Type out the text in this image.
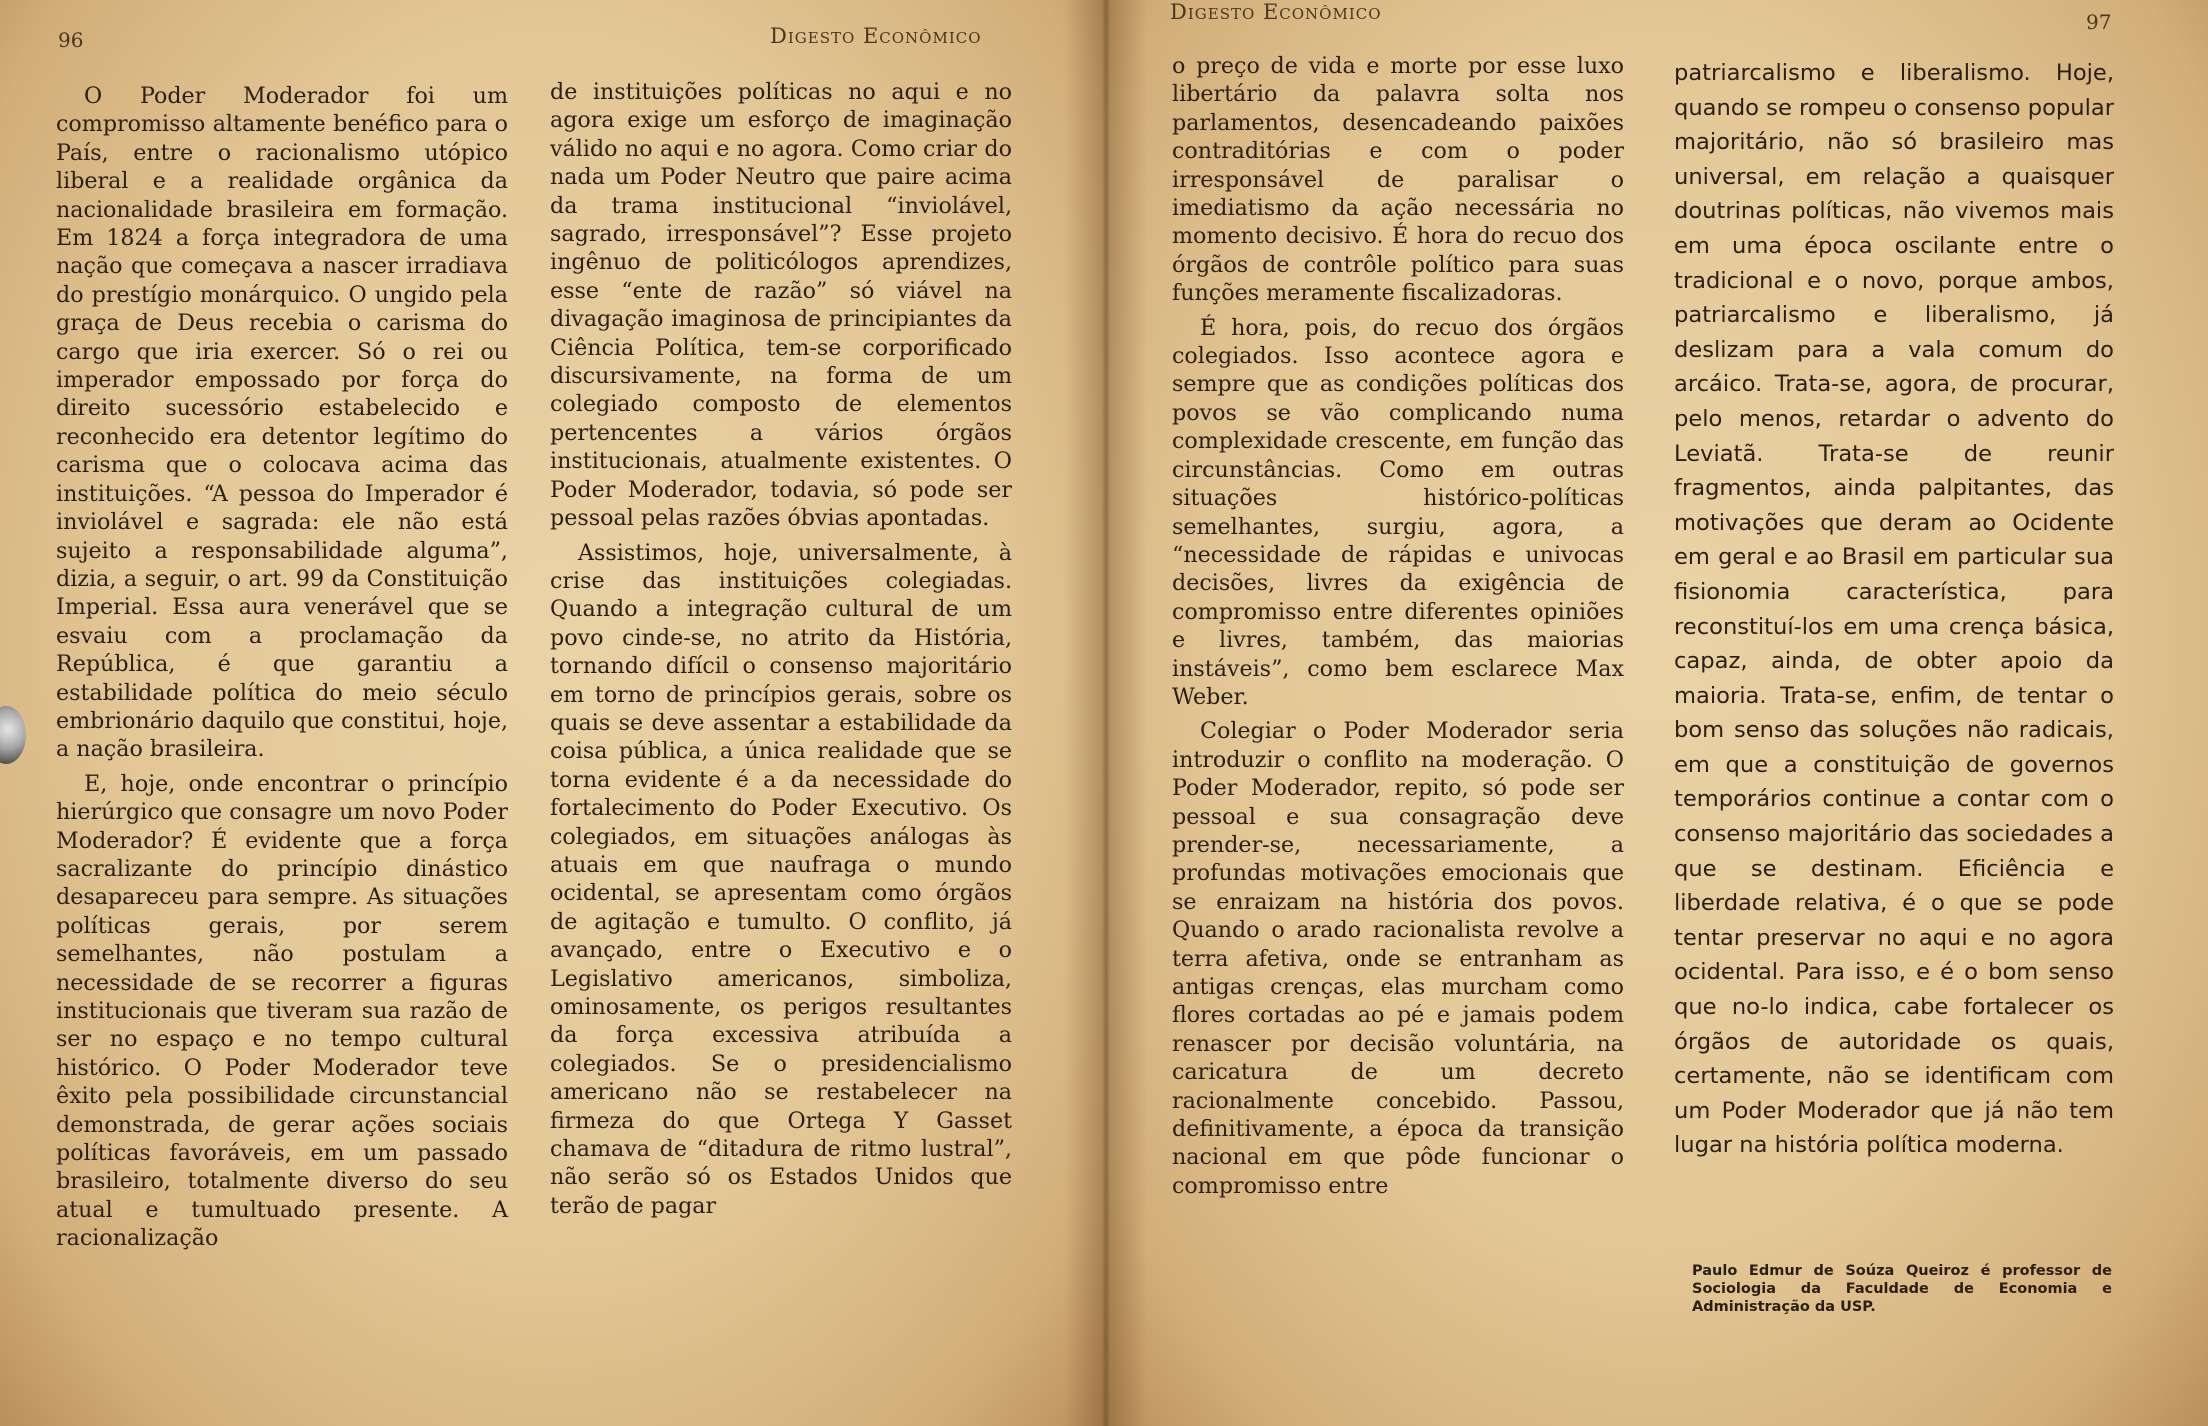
96	Digesto Econômico

O Poder Moderador foi um compromisso altamente benéfico para o País, entre o racionalismo utópico liberal e a realidade orgânica da nacionalidade brasileira em formação. Em 1824 a força integradora de uma nação que começava a nascer irradiava do prestígio monárquico. O ungido pela graça de Deus recebia o carisma do cargo que iria exercer. Só o rei ou imperador empossado por força do direito sucessório estabelecido e reconhecido era detentor legítimo do carisma que o colocava acima das instituições. “A pessoa do Imperador é inviolável e sagrada: ele não está sujeito a responsabilidade alguma”, dizia, a seguir, o art. 99 da Constituição Imperial. Essa aura venerável que se esvaiu com a proclamação da República, é que garantiu a estabilidade política do meio século embrionário daquilo que constitui, hoje, a nação brasileira.

E, hoje, onde encontrar o princípio hierúrgico que consagre um novo Poder Moderador? É evidente que a força sacralizante do princípio dinástico desapareceu para sempre. As situações políticas gerais, por serem semelhantes, não postulam a necessidade de se recorrer a figuras institucionais que tiveram sua razão de ser no espaço e no tempo cultural histórico. O Poder Moderador teve êxito pela possibilidade circunstancial demonstrada, de gerar ações sociais políticas favoráveis, em um passado brasileiro, totalmente diverso do seu atual e tumultuado presente. A racionalização

de instituições políticas no aqui e no agora exige um esforço de imaginação válido no aqui e no agora. Como criar do nada um Poder Neutro que paire acima da trama institucional “inviolável, sagrado, irresponsável”? Esse projeto ingênuo de politicólogos aprendizes, esse “ente de razão” só viável na divagação imaginosa de principiantes da Ciência Política, tem-se corporificado discursivamente, na forma de um colegiado composto de elementos pertencentes a vários órgãos institucionais, atualmente existentes. O Poder Moderador, todavia, só pode ser pessoal pelas razões óbvias apontadas.

Assistimos, hoje, universalmente, à crise das instituições colegiadas. Quando a integração cultural de um povo cinde-se, no atrito da História, tornando difícil o consenso majoritário em torno de princípios gerais, sobre os quais se deve assentar a estabilidade da coisa pública, a única realidade que se torna evidente é a da necessidade do fortalecimento do Poder Executivo. Os colegiados, em situações análogas às atuais em que naufraga o mundo ocidental, se apresentam como órgãos de agitação e tumulto. O conflito, já avançado, entre o Executivo e o Legislativo americanos, simboliza, ominosamente, os perigos resultantes da força excessiva atribuída a colegiados. Se o presidencialismo americano não se restabelecer na firmeza do que Ortega Y Gasset chamava de “ditadura de ritmo lustral”, não serão só os Estados Unidos que terão de pagar

Digesto Econômico	97

o preço de vida e morte por esse luxo libertário da palavra solta nos parlamentos, desencadeando paixões contraditórias e com o poder irresponsável de paralisar o imediatismo da ação necessária no momento decisivo. É hora do recuo dos órgãos de contrôle político para suas funções meramente fiscalizadoras.

É hora, pois, do recuo dos órgãos colegiados. Isso acontece agora e sempre que as condições políticas dos povos se vão complicando numa complexidade crescente, em função das circunstâncias. Como em outras situações histórico-políticas semelhantes, surgiu, agora, a “necessidade de rápidas e univocas decisões, livres da exigência de compromisso entre diferentes opiniões e livres, também, das maiorias instáveis”, como bem esclarece Max Weber.

Colegiar o Poder Moderador seria introduzir o conflito na moderação. O Poder Moderador, repito, só pode ser pessoal e sua consagração deve prender-se, necessariamente, a profundas motivações emocionais que se enraizam na história dos povos. Quando o arado racionalista revolve a terra afetiva, onde se entranham as antigas crenças, elas murcham como flores cortadas ao pé e jamais podem renascer por decisão voluntária, na caricatura de um decreto racionalmente concebido. Passou, definitivamente, a época da transição nacional em que pôde funcionar o compromisso entre

patriarcalismo e liberalismo. Hoje, quando se rompeu o consenso popular majoritário, não só brasileiro mas universal, em relação a quaisquer doutrinas políticas, não vivemos mais em uma época oscilante entre o tradicional e o novo, porque ambos, patriarcalismo e liberalismo, já deslizam para a vala comum do arcáico. Trata-se, agora, de procurar, pelo menos, retardar o advento do Leviatã. Trata-se de reunir fragmentos, ainda palpitantes, das motivações que deram ao Ocidente em geral e ao Brasil em particular sua fisionomia característica, para reconstituí-los em uma crença básica, capaz, ainda, de obter apoio da maioria. Trata-se, enfim, de tentar o bom senso das soluções não radicais, em que a constituição de governos temporários continue a contar com o consenso majoritário das sociedades a que se destinam. Eficiência e liberdade relativa, é o que se pode tentar preservar no aqui e no agora ocidental. Para isso, e é o bom senso que no-lo indica, cabe fortalecer os órgãos de autoridade os quais, certamente, não se identificam com um Poder Moderador que já não tem lugar na história política moderna.

Paulo Edmur de Soúza Queiroz é professor de Sociologia da Faculdade de Economia e Administração da USP.
